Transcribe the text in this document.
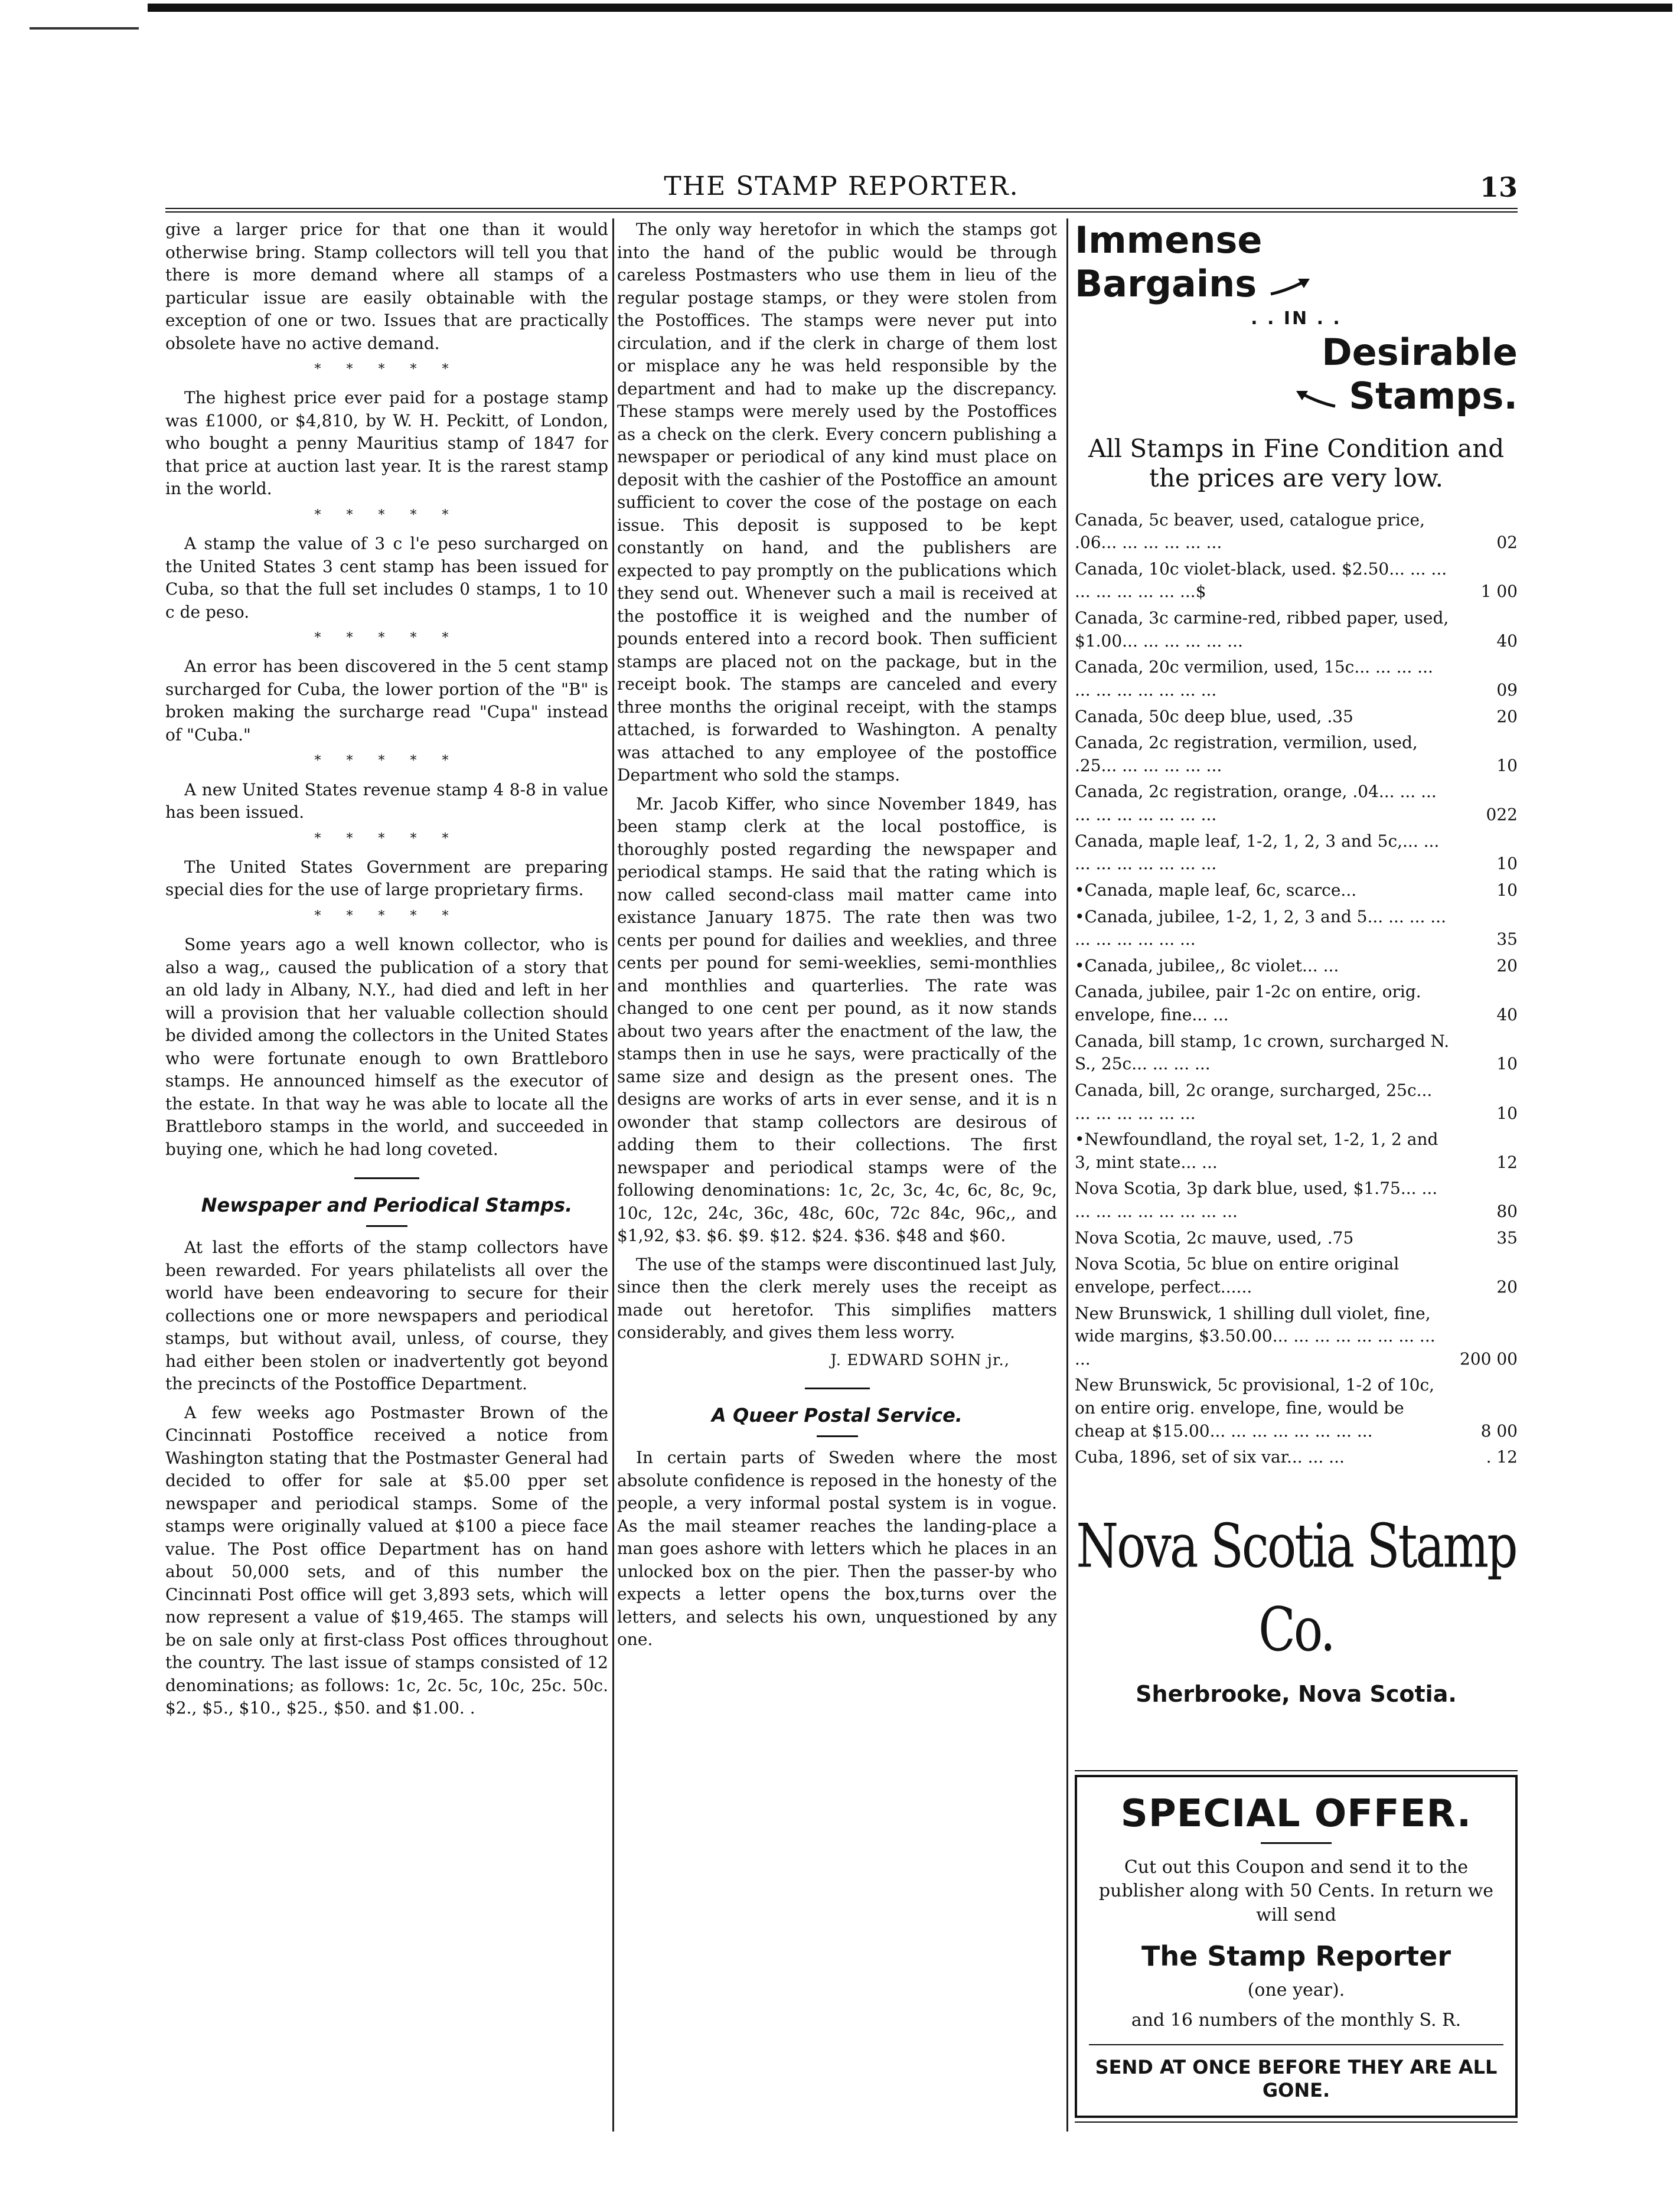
THE STAMP REPORTER.	13

give a larger price for that one than it would otherwise bring. Stamp collectors will tell you that there is more demand where all stamps of a particular issue are easily obtainable with the exception of one or two. Issues that are practically obsolete have no active demand.

* * * * *

The highest price ever paid for a postage stamp was £1000, or $4,810, by W. H. Peckitt, of London, who bought a penny Mauritius stamp of 1847 for that price at auction last year. It is the rarest stamp in the world.

* * * * *

A stamp the value of 3 c l'e peso surcharged on the United States 3 cent stamp has been issued for Cuba, so that the full set includes 0 stamps, 1 to 10 c de peso.

* * * * *

An error has been discovered in the 5 cent stamp surcharged for Cuba, the lower portion of the "B" is broken making the surcharge read "Cupa" instead of "Cuba."

* * * * *

A new United States revenue stamp 4 8-8 in value has been issued.

* * * * *

The United States Government are preparing special dies for the use of large proprietary firms.

* * * * *

Some years ago a well known collector, who is also a wag,, caused the publication of a story that an old lady in Albany, N.Y., had died and left in her will a provision that her valuable collection should be divided among the collectors in the United States who were fortunate enough to own Brattleboro stamps. He announced himself as the executor of the estate. In that way he was able to locate all the Brattleboro stamps in the world, and succeeded in buying one, which he had long coveted.

Newspaper and Periodical Stamps.

At last the efforts of the stamp collectors have been rewarded. For years philatelists all over the world have been endeavoring to secure for their collections one or more newspapers and periodical stamps, but without avail, unless, of course, they had either been stolen or inadvertently got beyond the precincts of the Postoffice Department.

A few weeks ago Postmaster Brown of the Cincinnati Postoffice received a notice from Washington stating that the Postmaster General had decided to offer for sale at $5.00 pper set newspaper and periodical stamps. Some of the stamps were originally valued at $100 a piece face value. The Post office Department has on hand about 50,000 sets, and of this number the Cincinnati Post office will get 3,893 sets, which will now represent a value of $19,465. The stamps will be on sale only at first-class Post offices throughout the country. The last issue of stamps consisted of 12 denominations; as follows: 1c, 2c. 5c, 10c, 25c. 50c. $2., $5., $10., $25., $50. and $1.00. .

The only way heretofor in which the stamps got into the hand of the public would be through careless Postmasters who use them in lieu of the regular postage stamps, or they were stolen from the Postoffices. The stamps were never put into circulation, and if the clerk in charge of them lost or misplace any he was held responsible by the department and had to make up the discrepancy. These stamps were merely used by the Postoffices as a check on the clerk. Every concern publishing a newspaper or periodical of any kind must place on deposit with the cashier of the Postoffice an amount sufficient to cover the cose of the postage on each issue. This deposit is supposed to be kept constantly on hand, and the publishers are expected to pay promptly on the publications which they send out. Whenever such a mail is received at the postoffice it is weighed and the number of pounds entered into a record book. Then sufficient stamps are placed not on the package, but in the receipt book. The stamps are canceled and every three months the original receipt, with the stamps attached, is forwarded to Washington. A penalty was attached to any employee of the postoffice Department who sold the stamps.

Mr. Jacob Kiffer, who since November 1849, has been stamp clerk at the local postoffice, is thoroughly posted regarding the newspaper and periodical stamps. He said that the rating which is now called second-class mail matter came into existance January 1875. The rate then was two cents per pound for dailies and weeklies, and three cents per pound for semi-weeklies, semi-monthlies and monthlies and quarterlies. The rate was changed to one cent per pound, as it now stands about two years after the enactment of the law, the stamps then in use he says, were practically of the same size and design as the present ones. The designs are works of arts in ever sense, and it is n owonder that stamp collectors are desirous of adding them to their collections. The first newspaper and periodical stamps were of the following denominations: 1c, 2c, 3c, 4c, 6c, 8c, 9c, 10c, 12c, 24c, 36c, 48c, 60c, 72c 84c, 96c,, and $1,92, $3. $6. $9. $12. $24. $36. $48 and $60.

The use of the stamps were discontinued last July, since then the clerk merely uses the receipt as made out heretofor. This simplifies matters considerably, and gives them less worry.

J. EDWARD SOHN jr.,
A Queer Postal Service.

In certain parts of Sweden where the most absolute confidence is reposed in the honesty of the people, a very informal postal system is in vogue. As the mail steamer reaches the landing-place a man goes ashore with letters which he places in an unlocked box on the pier. Then the passer-by who expects a letter opens the box,turns over the letters, and selects his own, unquestioned by any one.

Immense
Bargains
. . IN . .
Desirable
Stamps.
All Stamps in Fine Condition and the prices are very low.
Canada, 5c beaver, used, catalogue price, .06... ... ... ... ... ...	02
Canada, 10c violet-black, used. $2.50... ... ... ... ... ... ... ... ...$	1 00
Canada, 3c carmine-red, ribbed paper, used, $1.00... ... ... ... ... ...	40
Canada, 20c vermilion, used, 15c... ... ... ... ... ... ... ... ... ... ...	09
Canada, 50c deep blue, used, .35	20
Canada, 2c registration, vermilion, used, .25... ... ... ... ... ...	10
Canada, 2c registration, orange, .04... ... ... ... ... ... ... ... ... ...	022
Canada, maple leaf, 1-2, 1, 2, 3 and 5c,... ... ... ... ... ... ... ... ...	10
•Canada, maple leaf, 6c, scarce...	10
•Canada, jubilee, 1-2, 1, 2, 3 and 5... ... ... ... ... ... ... ... ... ...	35
•Canada, jubilee,, 8c violet... ...	20
Canada, jubilee, pair 1-2c on entire, orig. envelope, fine... ...	40
Canada, bill stamp, 1c crown, surcharged N. S., 25c... ... ... ...	10
Canada, bill, 2c orange, surcharged, 25c... ... ... ... ... ... ...	10
•Newfoundland, the royal set, 1-2, 1, 2 and 3, mint state... ...	12
Nova Scotia, 3p dark blue, used, $1.75... ... ... ... ... ... ... ... ... ...	80
Nova Scotia, 2c mauve, used, .75	35
Nova Scotia, 5c blue on entire original envelope, perfect......	20
New Brunswick, 1 shilling dull violet, fine, wide margins, $3.50.00... ... ... ... ... ... ... ... ...	200 00
New Brunswick, 5c provisional, 1-2 of 10c, on entire orig. envelope, fine, would be cheap at $15.00... ... ... ... ... ... ... ...	8 00
Cuba, 1896, set of six var... ... ...	. 12
Nova Scotia Stamp Co.
Sherbrooke, Nova Scotia.
SPECIAL OFFER.
Cut out this Coupon and send it to the publisher along with 50 Cents. In return we will send
The Stamp Reporter
(one year).
and 16 numbers of the monthly S. R.
SEND AT ONCE BEFORE THEY ARE ALL GONE.
